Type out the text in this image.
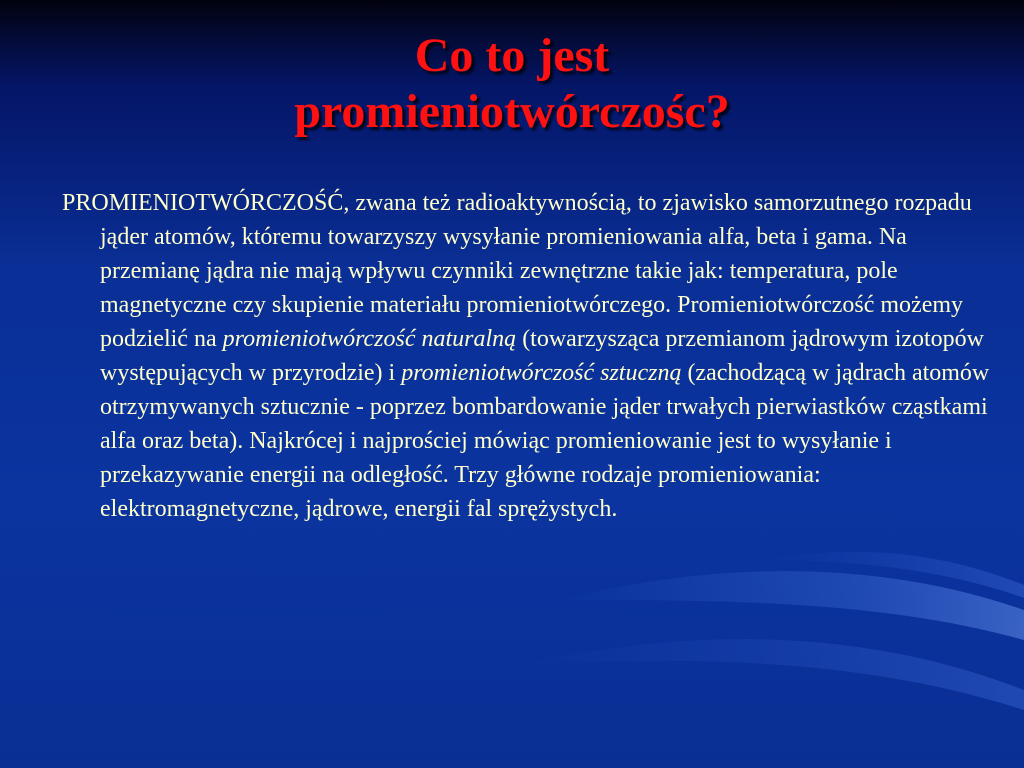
Co to jest
promieniotwórczośc?

PROMIENIOTWÓRCZOŚĆ, zwana też radioaktywnością, to zjawisko samorzutnego rozpadu jąder atomów, któremu towarzyszy wysyłanie promieniowania alfa, beta i gama. Na przemianę jądra nie mają wpływu czynniki zewnętrzne takie jak: temperatura, pole magnetyczne czy skupienie materiału promieniotwórczego. Promieniotwórczość możemy podzielić na promieniotwórczość naturalną (towarzysząca przemianom jądrowym izotopów występujących w przyrodzie) i promieniotwórczość sztuczną (zachodzącą w jądrach atomów otrzymywanych sztucznie - poprzez bombardowanie jąder trwałych pierwiastków cząstkami alfa oraz beta). Najkrócej i najprościej mówiąc promieniowanie jest to wysyłanie i przekazywanie energii na odległość. Trzy główne rodzaje promieniowania: elektromagnetyczne, jądrowe, energii fal sprężystych.
